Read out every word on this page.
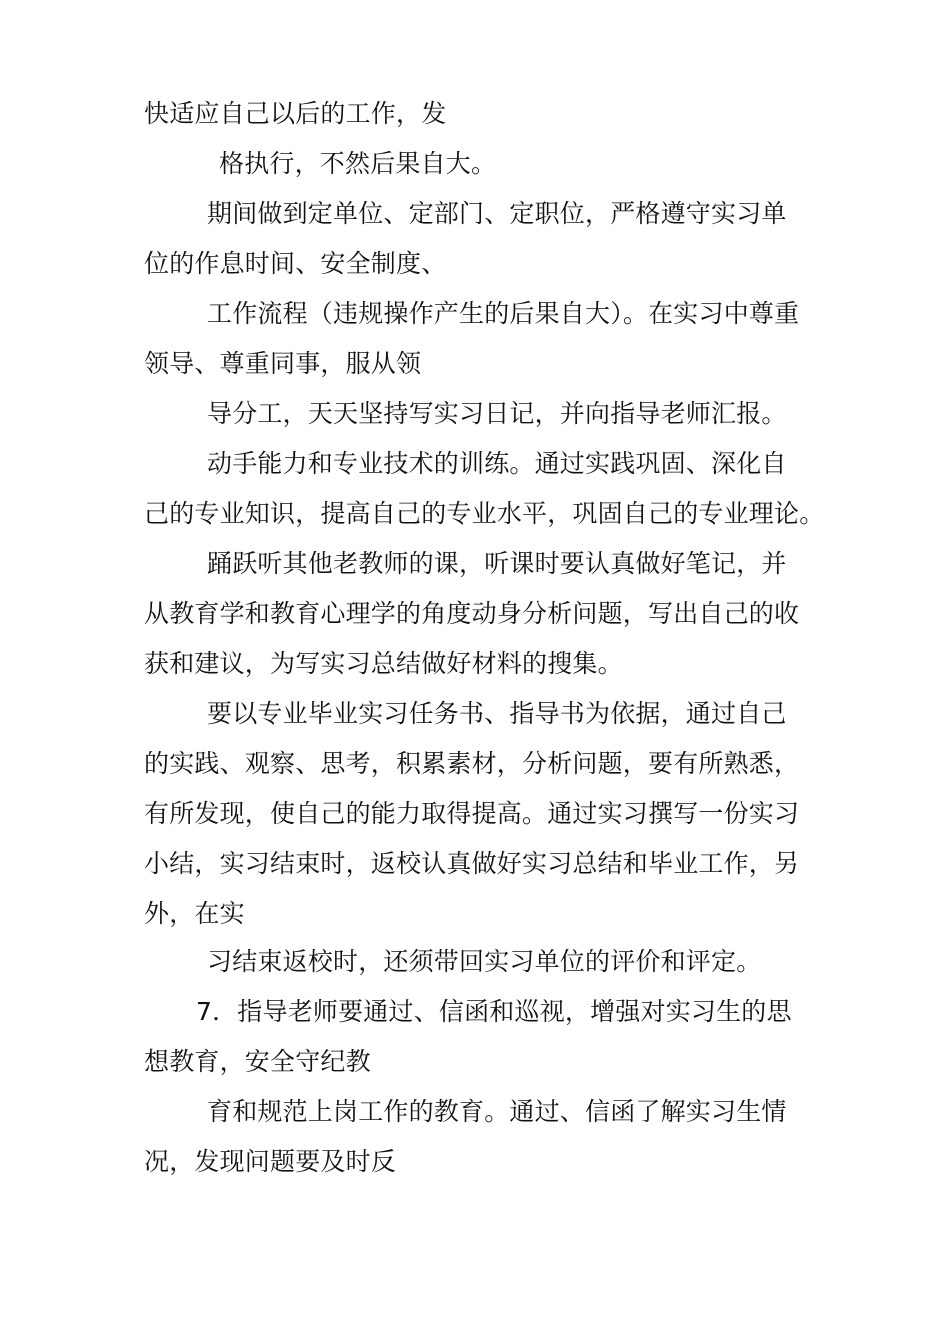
快适应自己以后的工作，发
格执行，不然后果自大。
期间做到定单位、定部门、定职位，严格遵守实习单
位的作息时间、安全制度、
工作流程（违规操作产生的后果自大）。在实习中尊重
领导、尊重同事，服从领
导分工，天天坚持写实习日记，并向指导老师汇报。
动手能力和专业技术的训练。通过实践巩固、深化自
己的专业知识，提高自己的专业水平，巩固自己的专业理论。
踊跃听其他老教师的课，听课时要认真做好笔记，并
从教育学和教育心理学的角度动身分析问题，写出自己的收
获和建议，为写实习总结做好材料的搜集。
要以专业毕业实习任务书、指导书为依据，通过自己
的实践、观察、思考，积累素材，分析问题，要有所熟悉，
有所发现，使自己的能力取得提高。通过实习撰写一份实习
小结，实习结束时，返校认真做好实习总结和毕业工作，另
外，在实
习结束返校时，还须带回实习单位的评价和评定。
7．指导老师要通过、信函和巡视，增强对实习生的思
想教育，安全守纪教
育和规范上岗工作的教育。通过、信函了解实习生情
况，发现问题要及时反
